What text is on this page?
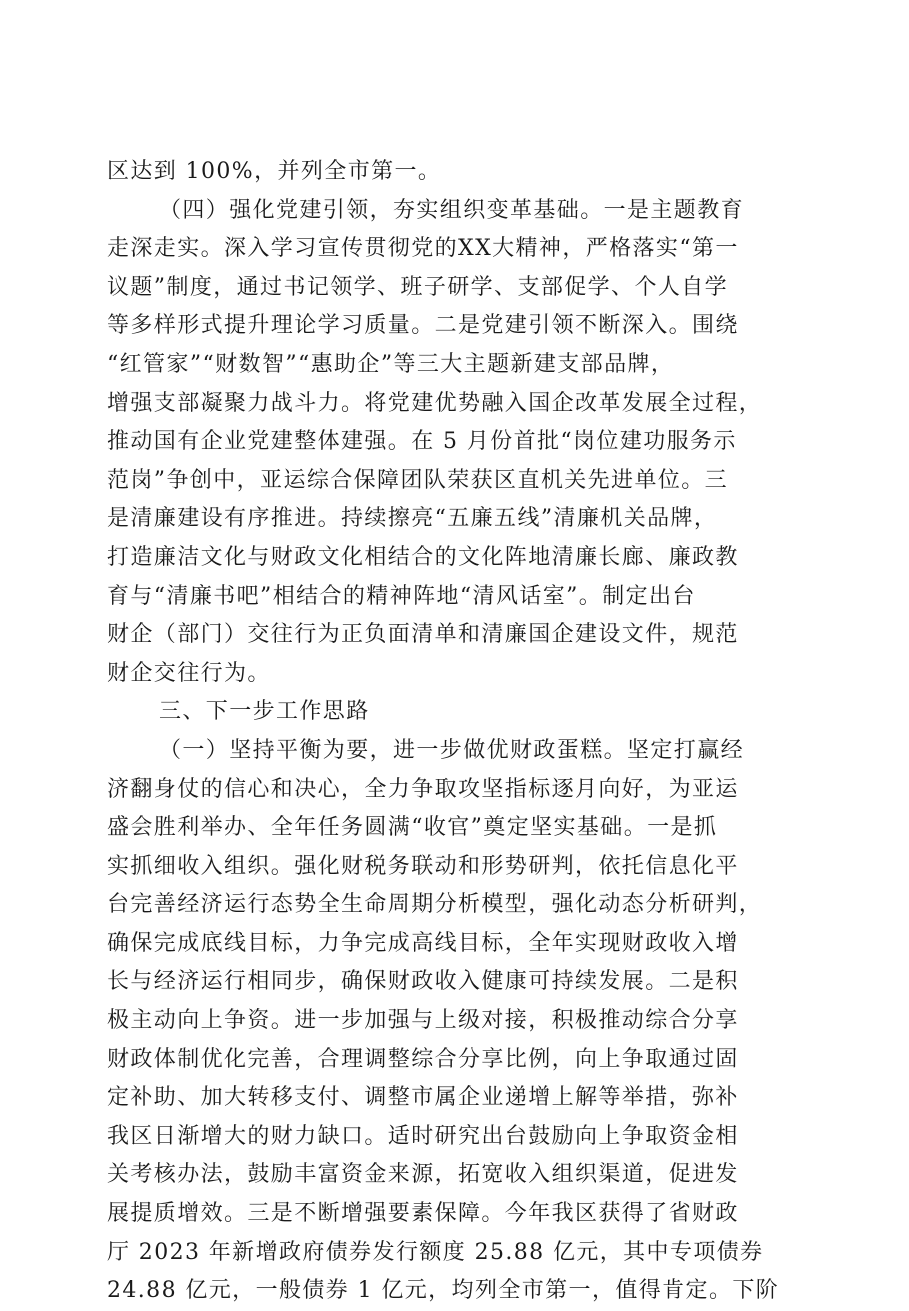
区达到 100%，并列全市第一。
（四）强化党建引领，夯实组织变革基础。一是主题教育
走深走实。深入学习宣传贯彻党的XX大精神，严格落实“第一
议题”制度，通过书记领学、班子研学、支部促学、个人自学
等多样形式提升理论学习质量。二是党建引领不断深入。围绕
“红管家”“财数智”“惠助企”等三大主题新建支部品牌，
增强支部凝聚力战斗力。将党建优势融入国企改革发展全过程，
推动国有企业党建整体建强。在 5 月份首批“岗位建功服务示
范岗”争创中，亚运综合保障团队荣获区直机关先进单位。三
是清廉建设有序推进。持续擦亮“五廉五线”清廉机关品牌，
打造廉洁文化与财政文化相结合的文化阵地清廉长廊、廉政教
育与“清廉书吧”相结合的精神阵地“清风话室”。制定出台
财企（部门）交往行为正负面清单和清廉国企建设文件，规范
财企交往行为。
三、下一步工作思路
（一）坚持平衡为要，进一步做优财政蛋糕。坚定打赢经
济翻身仗的信心和决心，全力争取攻坚指标逐月向好，为亚运
盛会胜利举办、全年任务圆满“收官”奠定坚实基础。一是抓
实抓细收入组织。强化财税务联动和形势研判，依托信息化平
台完善经济运行态势全生命周期分析模型，强化动态分析研判，
确保完成底线目标，力争完成高线目标，全年实现财政收入增
长与经济运行相同步，确保财政收入健康可持续发展。二是积
极主动向上争资。进一步加强与上级对接，积极推动综合分享
财政体制优化完善，合理调整综合分享比例，向上争取通过固
定补助、加大转移支付、调整市属企业递增上解等举措，弥补
我区日渐增大的财力缺口。适时研究出台鼓励向上争取资金相
关考核办法，鼓励丰富资金来源，拓宽收入组织渠道，促进发
展提质增效。三是不断增强要素保障。今年我区获得了省财政
厅 2023 年新增政府债券发行额度 25.88 亿元，其中专项债券
24.88 亿元，一般债券 1 亿元，均列全市第一，值得肯定。下阶
